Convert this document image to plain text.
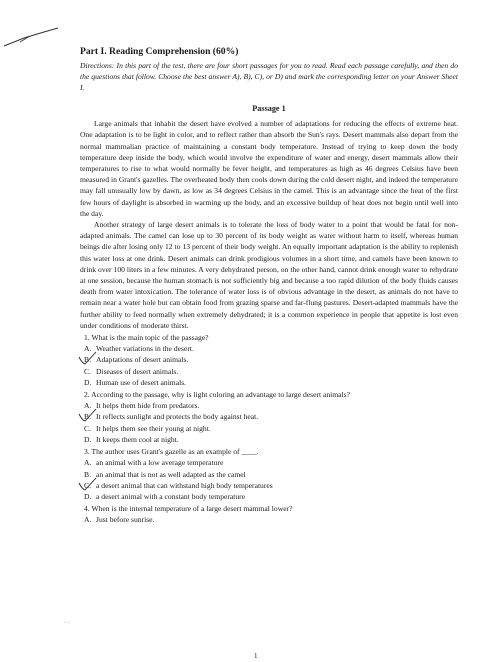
Part I. Reading Comprehension (60%)
Directions: In this part of the test, there are four short passages for you to read. Read each passage carefully, and then do the questions that follow. Choose the best answer A), B), C), or D) and mark the corresponding letter on your Answer Sheet I.
Passage 1

Large animals that inhabit the desert have evolved a number of adaptations for reducing the effects of extreme heat. One adaptation is to be light in color, and to reflect rather than absorb the Sun's rays. Desert mammals also depart from the normal mammalian practice of maintaining a constant body temperature. Instead of trying to keep down the body temperature deep inside the body, which would involve the expenditure of water and energy, desert mammals allow their temperatures to rise to what would normally be fever height, and temperatures as high as 46 degrees Celsius have been measured in Grant's gazelles. The overheated body then cools down during the cold desert night, and indeed the temperature may fall unusually low by dawn, as low as 34 degrees Celsius in the camel. This is an advantage since the heat of the first few hours of daylight is absorbed in warming up the body, and an excessive buildup of heat does not begin until well into the day.

Another strategy of large desert animals is to tolerate the loss of body water to a point that would be fatal for non-adapted animals. The camel can lose up to 30 percent of its body weight as water without harm to itself, whereas human beings die after losing only 12 to 13 percent of their body weight. An equally important adaptation is the ability to replenish this water loss at one drink. Desert animals can drink prodigious volumes in a short time, and camels have been known to drink over 100 liters in a few minutes. A very dehydrated person, on the other hand, cannot drink enough water to rehydrate at one session, because the human stomach is not sufficiently big and because a too rapid dilution of the body fluids causes death from water intoxication. The tolerance of water loss is of obvious advantage in the desert, as animals do not have to remain near a water hole but can obtain food from grazing sparse and far-flung pastures. Desert-adapted mammals have the further ability to feed normally when extremely dehydrated; it is a common experience in people that appetite is lost even under conditions of moderate thirst.

1. What is the main topic of the passage?
A. Weather variations in the desert.
B. Adaptations of desert animals.
C. Diseases of desert animals.
D. Human use of desert animals.
2. According to the passage, why is light coloring an advantage to large desert animals?
A. It helps them hide from predators.
B. It reflects sunlight and protects the body against heat.
C. It helps them see their young at night.
D. It keeps them cool at night.
3. The author uses Grant's gazelle as an example of ____.
A. an animal with a low average temperature
B. an animal that is not as well adapted as the camel
C. a desert animal that can withstand high body temperatures
D. a desert animal with a constant body temperature
4. When is the internal temperature of a large desert mammal lower?
A. Just before sunrise.
· ·
1
